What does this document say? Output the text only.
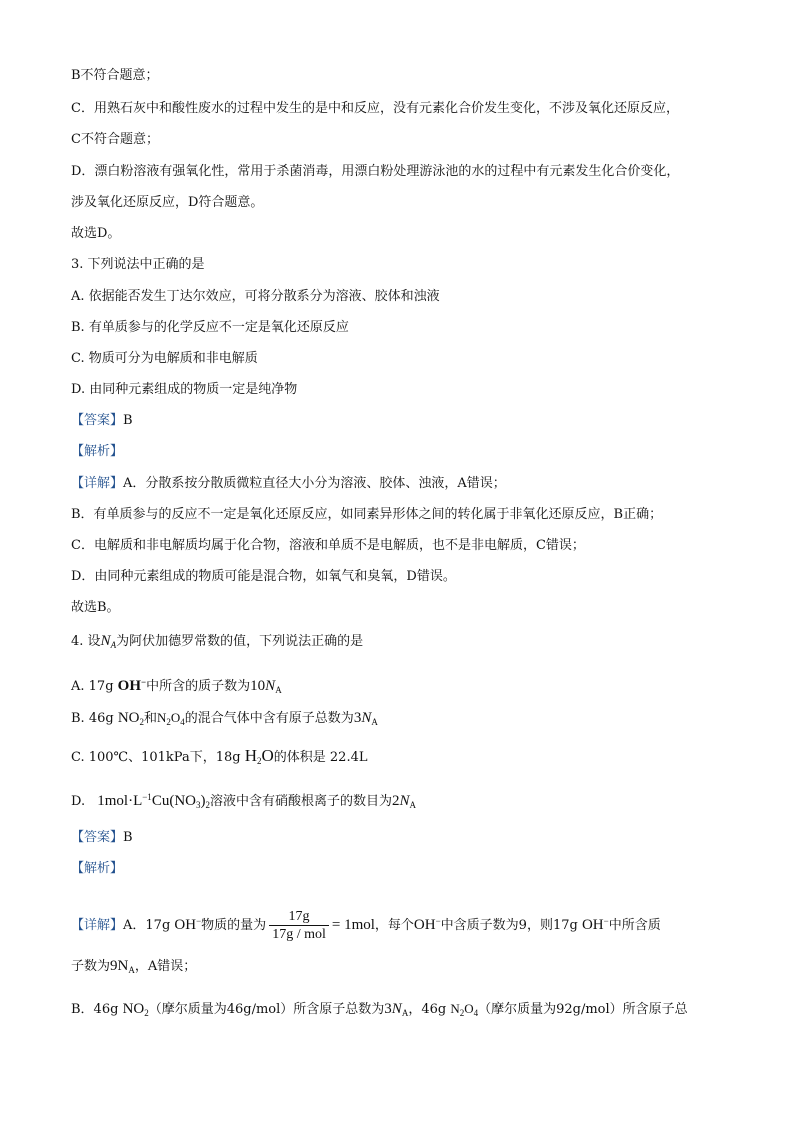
B不符合题意；
C．用熟石灰中和酸性废水的过程中发生的是中和反应，没有元素化合价发生变化，不涉及氧化还原反应，
C不符合题意；
D．漂白粉溶液有强氧化性，常用于杀菌消毒，用漂白粉处理游泳池的水的过程中有元素发生化合价变化，
涉及氧化还原反应，D符合题意。
故选D。
3. 下列说法中正确的是
A. 依据能否发生丁达尔效应，可将分散系分为溶液、胶体和浊液
B. 有单质参与的化学反应不一定是氧化还原反应
C. 物质可分为电解质和非电解质
D. 由同种元素组成的物质一定是纯净物
【答案】B
【解析】
【详解】A．分散系按分散质微粒直径大小分为溶液、胶体、浊液，A错误；
B．有单质参与的反应不一定是氧化还原反应，如同素异形体之间的转化属于非氧化还原反应，B正确；
C．电解质和非电解质均属于化合物，溶液和单质不是电解质，也不是非电解质，C错误；
D．由同种元素组成的物质可能是混合物，如氧气和臭氧，D错误。
故选B。
4. 设$N_A$为阿伏加德罗常数的值，下列说法正确的是
A. 17g OH−中所含的质子数为$10N_A$
B. 46g $NO_2$和$N_2O_4$的混合气体中含有原子总数为$3N_A$
C. 100℃、101kPa下，18g $H_2O$的体积是 22.4L
D. $1mol\cdot L^{-1}Cu(NO_3)_2$溶液中含有硝酸根离子的数目为$2N_A$
【答案】B
【解析】
【详解】A．17g OH−物质的量为 $\frac{17g}{\text{17g / mol}} = 1mol$，每个OH−中含质子数为9，则17g OH−中所含质
子数为$9N_A$，A错误；
B．46g $NO_2$（摩尔质量为46g/mol）所含原子总数为$3N_A$，46g $N_2O_4$（摩尔质量为92g/mol）所含原子总
